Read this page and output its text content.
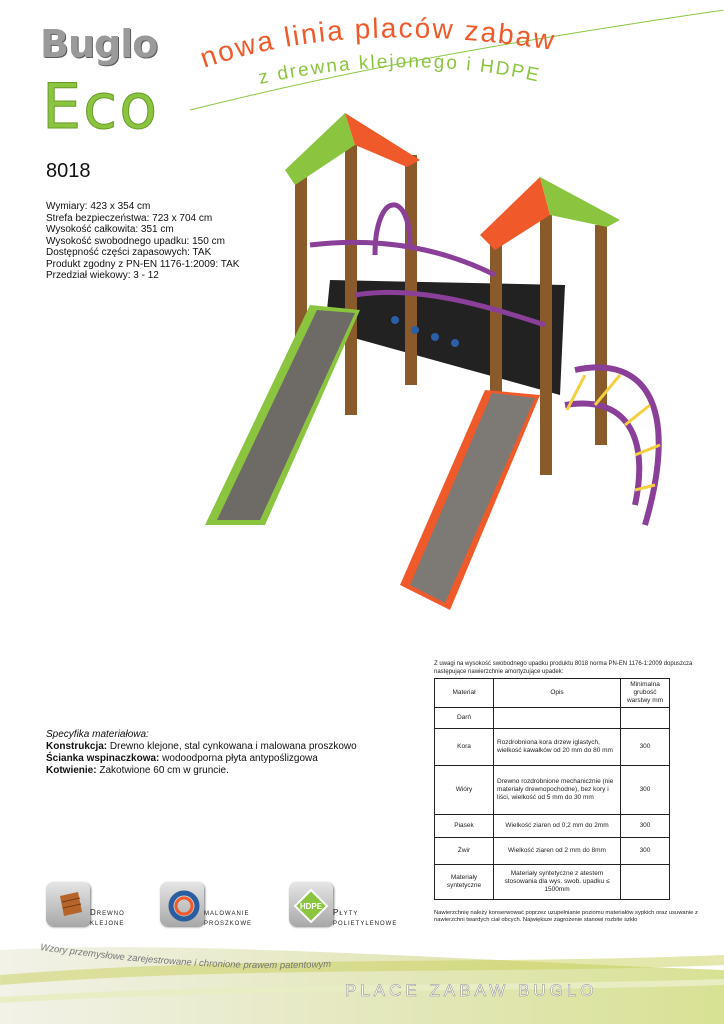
Buglo
Eco
nowa linia placów zabaw
z drewna klejonego i HDPE
8018
Wymiary: 423 x 354 cm
Strefa bezpieczeństwa: 723 x 704 cm
Wysokość całkowita: 351 cm
Wysokość swobodnego upadku: 150 cm
Dostępność części zapasowych: TAK
Produkt zgodny z PN-EN 1176-1:2009: TAK
Przedział wiekowy: 3 - 12
Specyfika materiałowa:
Konstrukcja: Drewno klejone, stal cynkowana i malowana proszkowo
Ścianka wspinaczkowa: wodoodporna płyta antypoślizgowa
Kotwienie: Zakotwione 60 cm w gruncie.
Z uwagi na wysokość swobodnego upadku produktu 8018 norma PN-EN 1176-1:2009 dopuszcza następujące nawierzchnie amortyzujące upadek:
Materiał	Opis	Minimalna grubość warstwy mm
Darń		
Kora	Rozdrobniona kora drzew iglastych, wielkość kawałków od 20 mm do 80 mm	300
Wióry	Drewno rozdrobnione mechanicznie (nie materiały drewnopochodne), bez kory i liści, wielkość od 5 mm do 30 mm	300
Piasek	Wielkość ziaren od 0,2 mm do 2mm	300
Żwir	Wielkość ziaren od 2 mm do 8mm	300
Materiały syntetyczne	Materiały syntetyczne z atestem stosowania dla wys. swob. upadku ≤ 1500mm	
Nawierzchnię należy konserwować poprzez uzupełnianie poziomu materiałów sypkich oraz usuwanie z nawierzchni twardych ciał obcych. Największe zagrożenie stanowi rozbite szkło
Drewno
klejone
malowanie
proszkowe
HDPE
Płyty
polietylenowe
Wzory przemysłowe zarejestrowane i chronione prawem patentowym
PLACE ZABAW BUGLO
